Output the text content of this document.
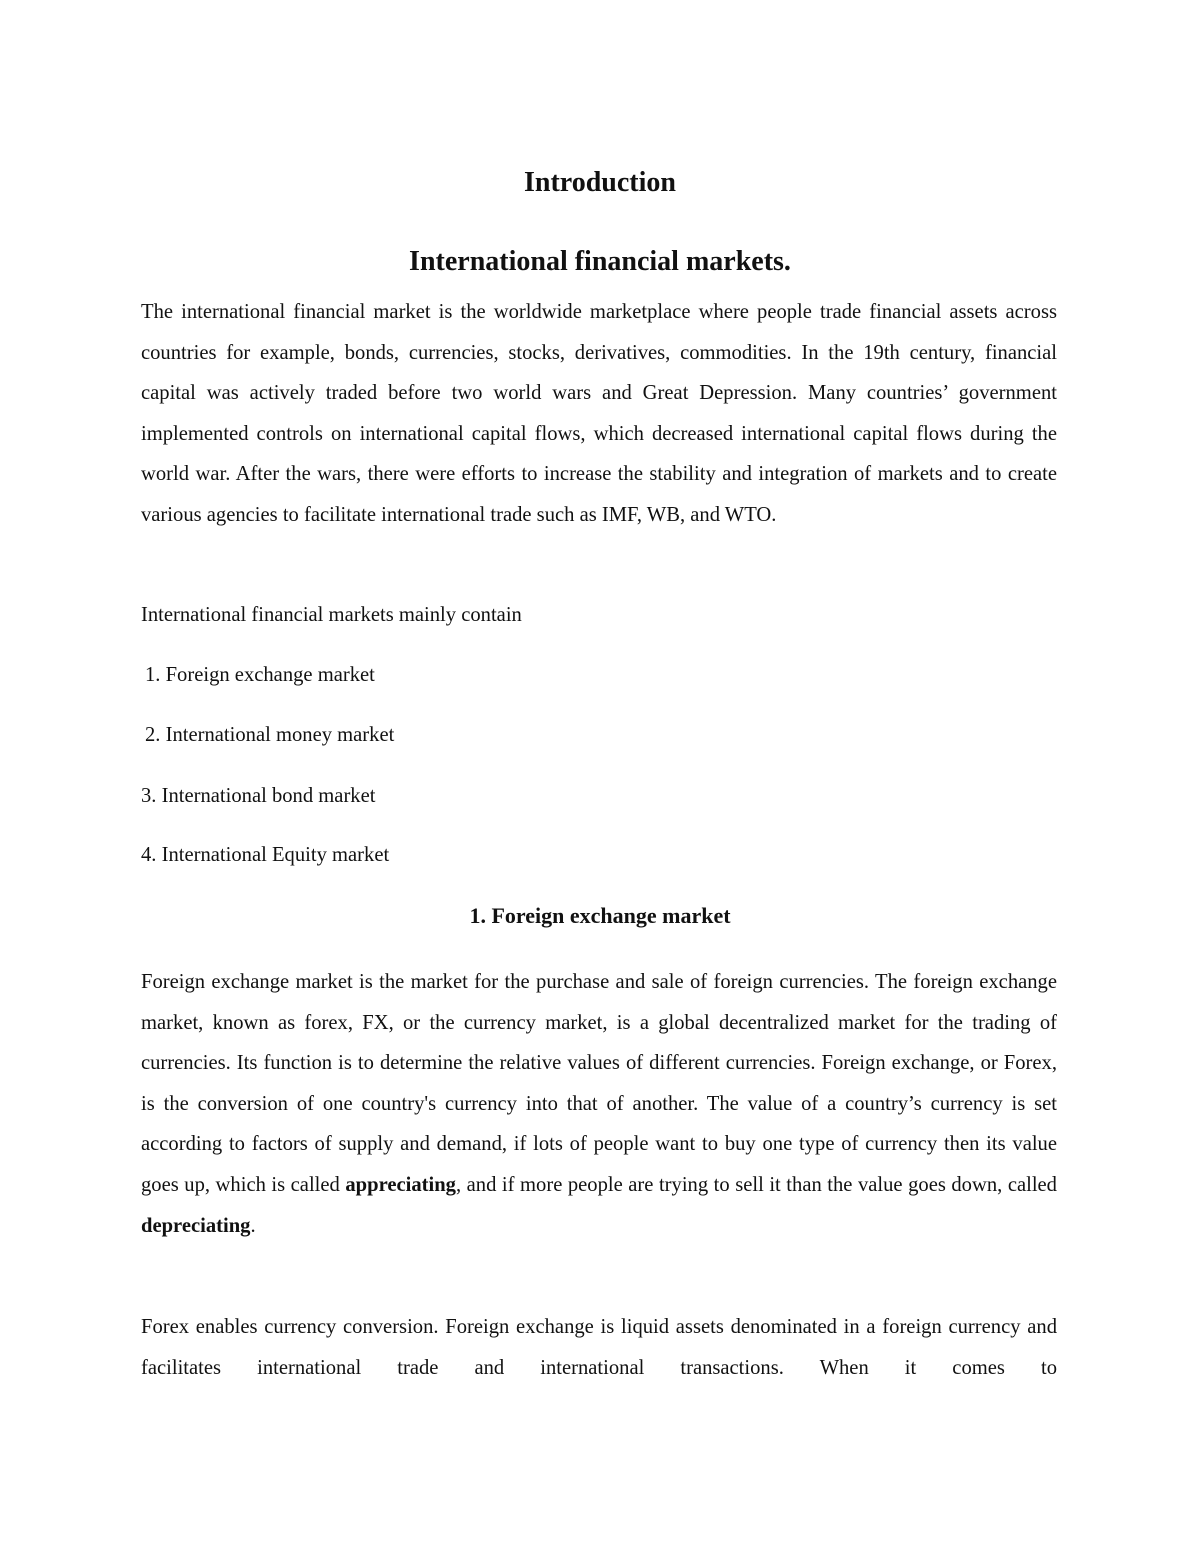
Introduction
International financial markets.

The international financial market is the worldwide marketplace where people trade financial assets across countries for example, bonds, currencies, stocks, derivatives, commodities. In the 19th century, financial capital was actively traded before two world wars and Great Depression. Many countries’ government implemented controls on international capital flows, which decreased international capital flows during the world war. After the wars, there were efforts to increase the stability and integration of markets and to create various agencies to facilitate international trade such as IMF, WB, and WTO.

International financial markets mainly contain

1. Foreign exchange market

2. International money market

3. International bond market

4. International Equity market

1. Foreign exchange market

Foreign exchange market is the market for the purchase and sale of foreign currencies. The foreign exchange market, known as forex, FX, or the currency market, is a global decentralized market for the trading of currencies. Its function is to determine the relative values of different currencies. Foreign exchange, or Forex, is the conversion of one country's currency into that of another. The value of a country’s currency is set according to factors of supply and demand, if lots of people want to buy one type of currency then its value goes up, which is called appreciating, and if more people are trying to sell it than the value goes down, called depreciating.

Forex enables currency conversion. Foreign exchange is liquid assets denominated in a foreign currency and facilitates international trade and international transactions. When it comes to
